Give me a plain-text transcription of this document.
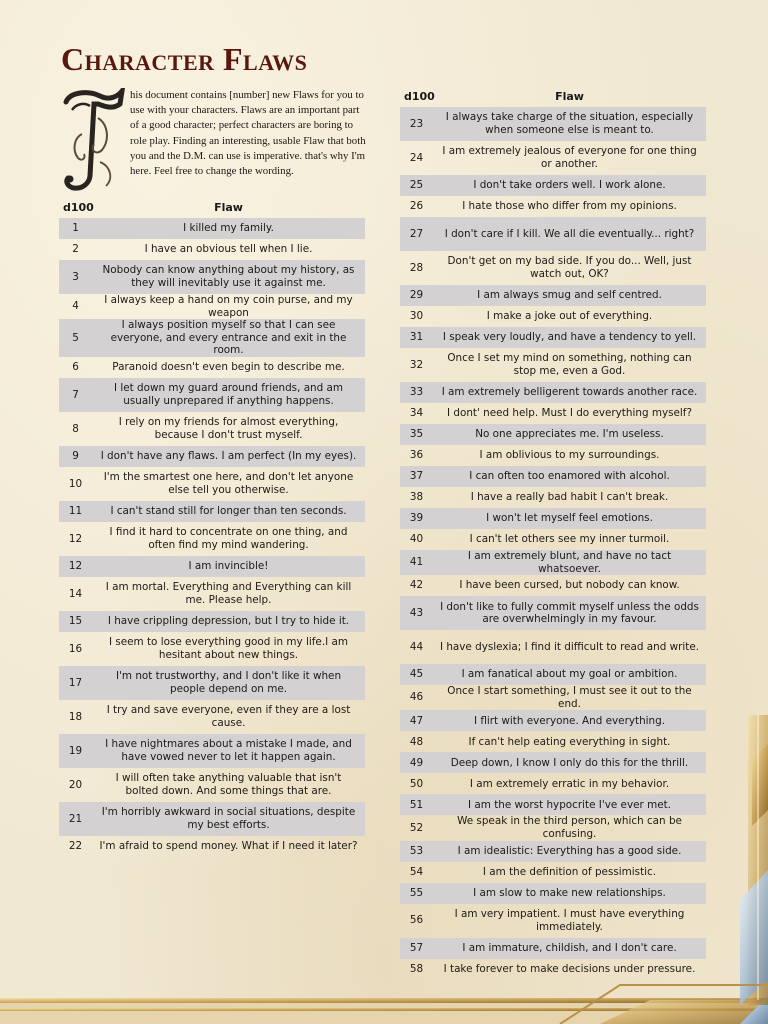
Character Flaws

his document contains [number] new Flaws for you to use with your characters. Flaws are an important part of a good character; perfect characters are boring to role play. Finding an interesting, usable Flaw that both you and the D.M. can use is imperative. that's why I'm here. Feel free to change the wording.

d100	Flaw
1	I killed my family.
2	I have an obvious tell when I lie.
3	Nobody can know anything about my history, as they will inevitably use it against me.
4	I always keep a hand on my coin purse, and my weapon
5	I always position myself so that I can see everyone, and every entrance and exit in the room.
6	Paranoid doesn't even begin to describe me.
7	I let down my guard around friends, and am usually unprepared if anything happens.
8	I rely on my friends for almost everything, because I don't trust myself.
9	I don't have any flaws. I am perfect (In my eyes).
10	I'm the smartest one here, and don't let anyone else tell you otherwise.
11	I can't stand still for longer than ten seconds.
12	I find it hard to concentrate on one thing, and often find my mind wandering.
12	I am invincible!
14	I am mortal. Everything and Everything can kill me. Please help.
15	I have crippling depression, but I try to hide it.
16	I seem to lose everything good in my life.I am hesitant about new things.
17	I'm not trustworthy, and I don't like it when people depend on me.
18	I try and save everyone, even if they are a lost cause.
19	I have nightmares about a mistake I made, and have vowed never to let it happen again.
20	I will often take anything valuable that isn't bolted down. And some things that are.
21	I'm horribly awkward in social situations, despite my best efforts.
22	I'm afraid to spend money. What if I need it later?
d100	Flaw
23	I always take charge of the situation, especially when someone else is meant to.
24	I am extremely jealous of everyone for one thing or another.
25	I don't take orders well. I work alone.
26	I hate those who differ from my opinions.
27	I don't care if I kill. We all die eventually... right?
28	Don't get on my bad side. If you do... Well, just watch out, OK?
29	I am always smug and self centred.
30	I make a joke out of everything.
31	I speak very loudly, and have a tendency to yell.
32	Once I set my mind on something, nothing can stop me, even a God.
33	I am extremely belligerent towards another race.
34	I dont' need help. Must I do everything myself?
35	No one appreciates me. I'm useless.
36	I am oblivious to my surroundings.
37	I can often too enamored with alcohol.
38	I have a really bad habit I can't break.
39	I won't let myself feel emotions.
40	I can't let others see my inner turmoil.
41	I am extremely blunt, and have no tact whatsoever.
42	I have been cursed, but nobody can know.
43	I don't like to fully commit myself unless the odds are overwhelmingly in my favour.
44	I have dyslexia; I find it difficult to read and write.
45	I am fanatical about my goal or ambition.
46	Once I start something, I must see it out to the end.
47	I flirt with everyone. And everything.
48	If can't help eating everything in sight.
49	Deep down, I know I only do this for the thrill.
50	I am extremely erratic in my behavior.
51	I am the worst hypocrite I've ever met.
52	We speak in the third person, which can be confusing.
53	I am idealistic: Everything has a good side.
54	I am the definition of pessimistic.
55	I am slow to make new relationships.
56	I am very impatient. I must have everything immediately.
57	I am immature, childish, and I don't care.
58	I take forever to make decisions under pressure.
